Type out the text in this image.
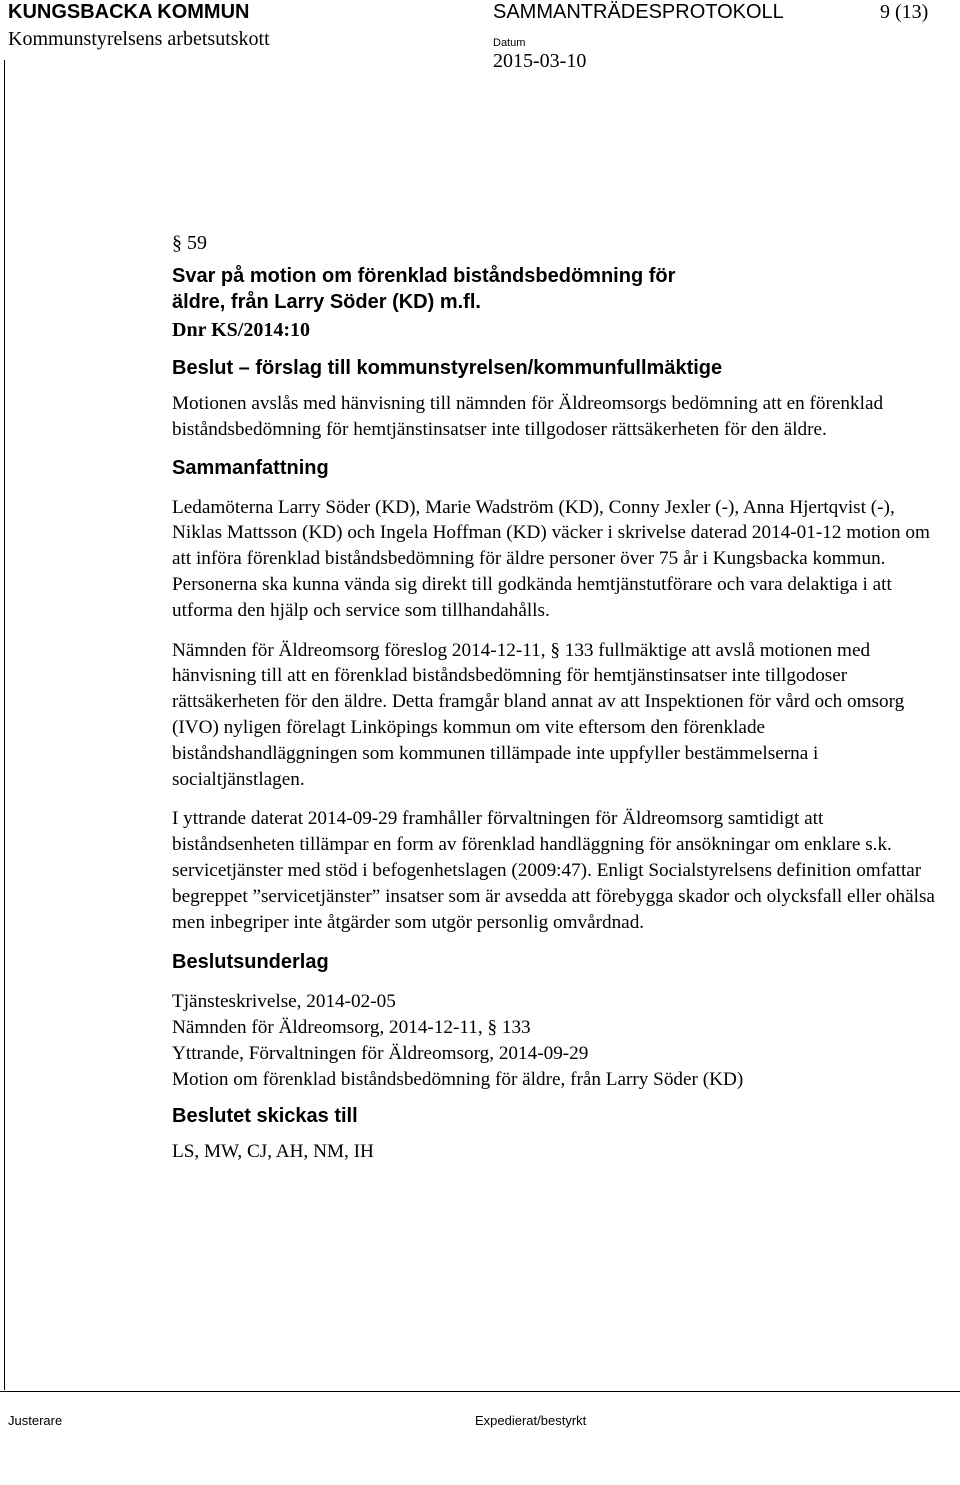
KUNGSBACKA KOMMUN
Kommunstyrelsens arbetsutskott
SAMMANTRÄDESPROTOKOLL	9 (13)
Datum
2015-03-10
§ 59
Svar på motion om förenklad biståndsbedömning för äldre, från Larry Söder (KD) m.fl.
Dnr KS/2014:10
Beslut – förslag till kommunstyrelsen/kommunfullmäktige

Motionen avslås med hänvisning till nämnden för Äldreomsorgs bedömning att en förenklad biståndsbedömning för hemtjänstinsatser inte tillgodoser rättsäkerheten för den äldre.

Sammanfattning

Ledamöterna Larry Söder (KD), Marie Wadström (KD), Conny Jexler (-), Anna Hjertqvist (-), Niklas Mattsson (KD) och Ingela Hoffman (KD) väcker i skrivelse daterad 2014-01-12 motion om att införa förenklad biståndsbedömning för äldre personer över 75 år i Kungsbacka kommun. Personerna ska kunna vända sig direkt till godkända hemtjänstutförare och vara delaktiga i att utforma den hjälp och service som tillhandahålls.

Nämnden för Äldreomsorg föreslog 2014-12-11, § 133 fullmäktige att avslå motionen med hänvisning till att en förenklad biståndsbedömning för hemtjänstinsatser inte tillgodoser rättsäkerheten för den äldre. Detta framgår bland annat av att Inspektionen för vård och omsorg (IVO) nyligen förelagt Linköpings kommun om vite eftersom den förenklade biståndshandläggningen som kommunen tillämpade inte uppfyller bestämmelserna i socialtjänstlagen.

I yttrande daterat 2014-09-29 framhåller förvaltningen för Äldreomsorg samtidigt att biståndsenheten tillämpar en form av förenklad handläggning för ansökningar om enklare s.k. servicetjänster med stöd i befogenhetslagen (2009:47). Enligt Socialstyrelsens definition omfattar begreppet ”servicetjänster” insatser som är avsedda att förebygga skador och olycksfall eller ohälsa men inbegriper inte åtgärder som utgör personlig omvårdnad.

Beslutsunderlag
Tjänsteskrivelse, 2014-02-05
Nämnden för Äldreomsorg, 2014-12-11, § 133
Yttrande, Förvaltningen för Äldreomsorg, 2014-09-29
Motion om förenklad biståndsbedömning för äldre, från Larry Söder (KD)
Beslutet skickas till

LS, MW, CJ, AH, NM, IH

Justerare	Expedierat/bestyrkt
